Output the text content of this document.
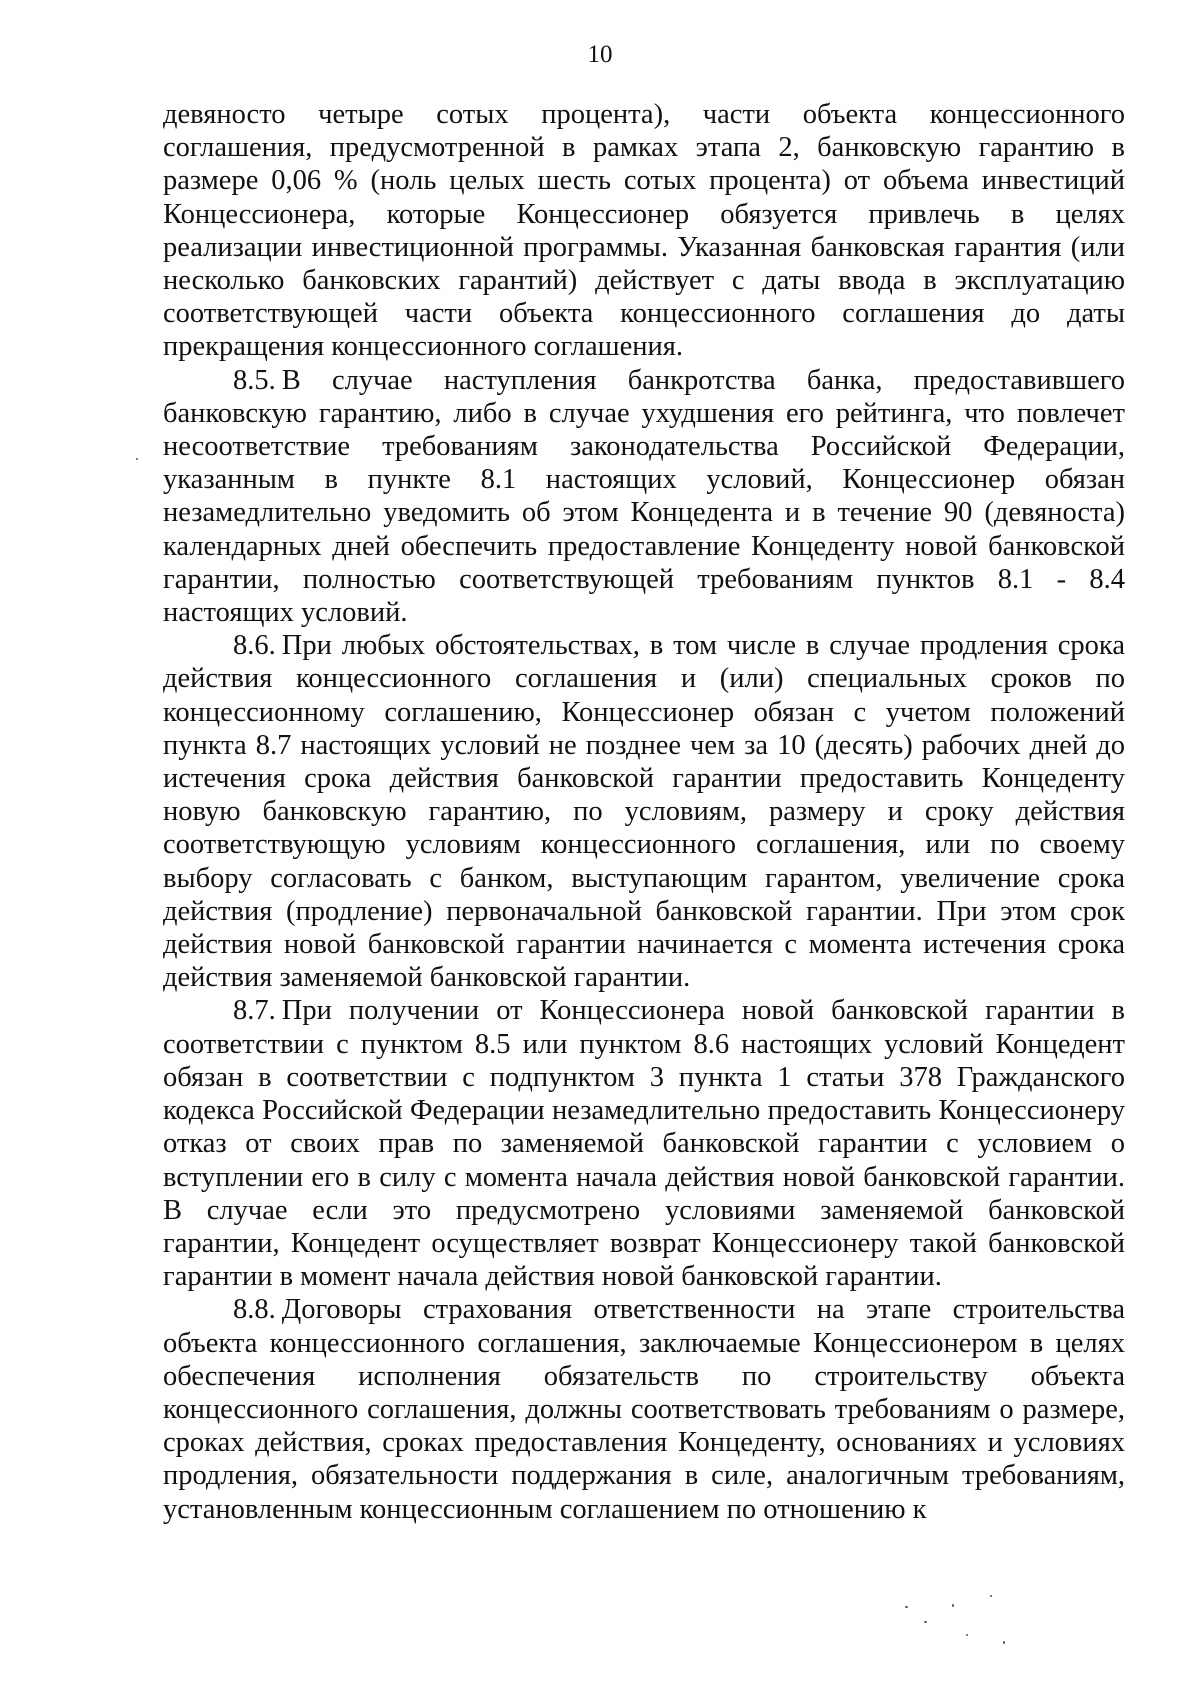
10

девяносто четыре сотых процента), части объекта концессионного соглашения, предусмотренной в рамках этапа 2, банковскую гарантию в размере 0,06 % (ноль целых шесть сотых процента) от объема инвестиций Концессионера, которые Концессионер обязуется привлечь в целях реализации инвестиционной программы. Указанная банковская гарантия (или несколько банковских гарантий) действует с даты ввода в эксплуатацию соответствующей части объекта концессионного соглашения до даты прекращения концессионного соглашения.

8.5. В случае наступления банкротства банка, предоставившего банковскую гарантию, либо в случае ухудшения его рейтинга, что повлечет несоответствие требованиям законодательства Российской Федерации, указанным в пункте 8.1 настоящих условий, Концессионер обязан незамедлительно уведомить об этом Концедента и в течение 90 (девяноста) календарных дней обеспечить предоставление Концеденту новой банковской гарантии, полностью соответствующей требованиям пунктов 8.1 - 8.4 настоящих условий.

8.6. При любых обстоятельствах, в том числе в случае продления срока действия концессионного соглашения и (или) специальных сроков по концессионному соглашению, Концессионер обязан с учетом положений пункта 8.7 настоящих условий не позднее чем за 10 (десять) рабочих дней до истечения срока действия банковской гарантии предоставить Концеденту новую банковскую гарантию, по условиям, размеру и сроку действия соответствующую условиям концессионного соглашения, или по своему выбору согласовать с банком, выступающим гарантом, увеличение срока действия (продление) первоначальной банковской гарантии. При этом срок действия новой банковской гарантии начинается с момента истечения срока действия заменяемой банковской гарантии.

8.7. При получении от Концессионера новой банковской гарантии в соответствии с пунктом 8.5 или пунктом 8.6 настоящих условий Концедент обязан в соответствии с подпунктом 3 пункта 1 статьи 378 Гражданского кодекса Российской Федерации незамедлительно предоставить Концессионеру отказ от своих прав по заменяемой банковской гарантии с условием о вступлении его в силу с момента начала действия новой банковской гарантии. В случае если это предусмотрено условиями заменяемой банковской гарантии, Концедент осуществляет возврат Концессионеру такой банковской гарантии в момент начала действия новой банковской гарантии.

8.8. Договоры страхования ответственности на этапе строительства объекта концессионного соглашения, заключаемые Концессионером в целях обеспечения исполнения обязательств по строительству объекта концессионного соглашения, должны соответствовать требованиям о размере, сроках действия, сроках предоставления Концеденту, основаниях и условиях продления, обязательности поддержания в силе, аналогичным требованиям, установленным концессионным соглашением по отношению к
